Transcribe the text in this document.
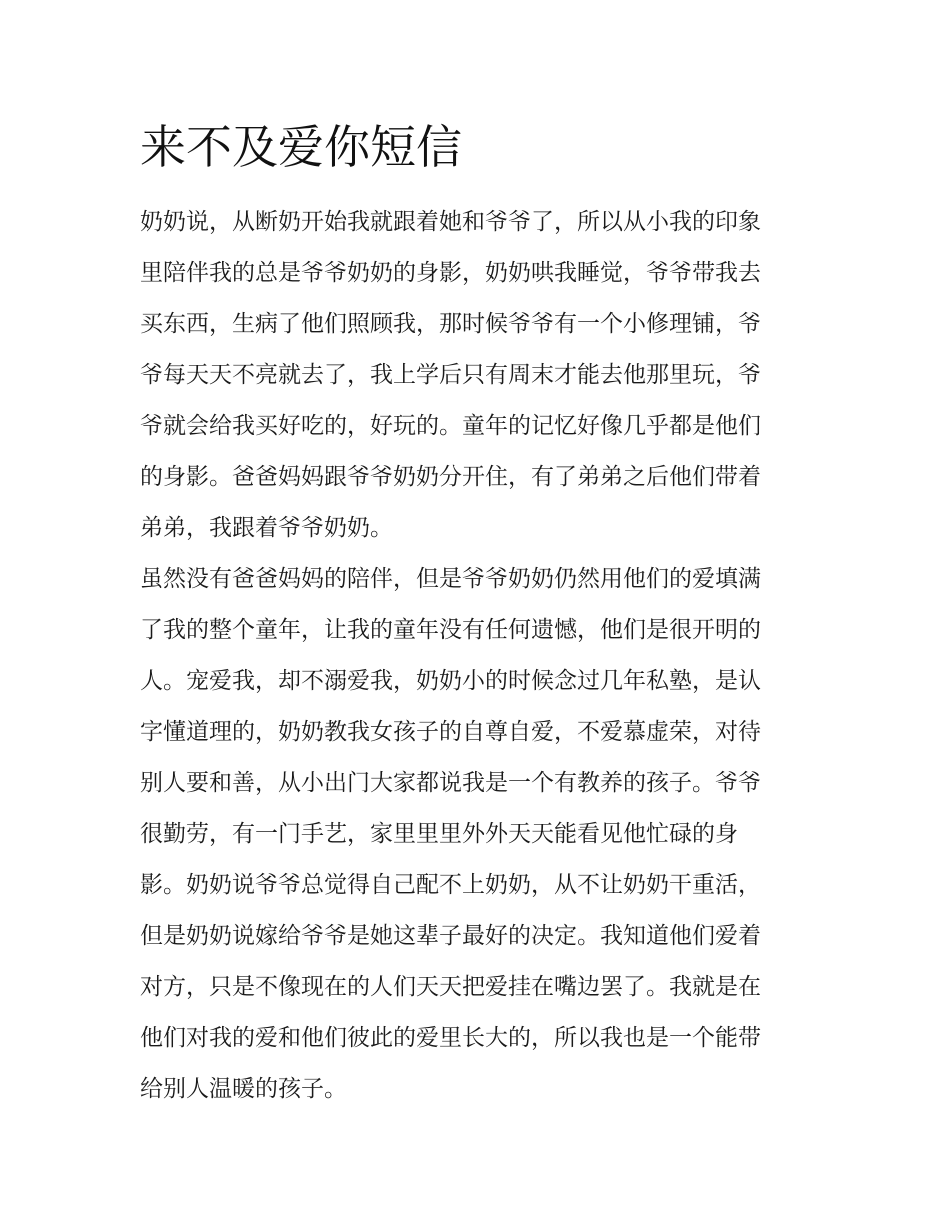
来不及爱你短信

奶奶说，从断奶开始我就跟着她和爷爷了，所以从小我的印象
里陪伴我的总是爷爷奶奶的身影，奶奶哄我睡觉，爷爷带我去
买东西，生病了他们照顾我，那时候爷爷有一个小修理铺，爷
爷每天天不亮就去了，我上学后只有周末才能去他那里玩，爷
爷就会给我买好吃的，好玩的。童年的记忆好像几乎都是他们
的身影。爸爸妈妈跟爷爷奶奶分开住，有了弟弟之后他们带着
弟弟，我跟着爷爷奶奶。

虽然没有爸爸妈妈的陪伴，但是爷爷奶奶仍然用他们的爱填满
了我的整个童年，让我的童年没有任何遗憾，他们是很开明的
人。宠爱我，却不溺爱我，奶奶小的时候念过几年私塾，是认
字懂道理的，奶奶教我女孩子的自尊自爱，不爱慕虚荣，对待
别人要和善，从小出门大家都说我是一个有教养的孩子。爷爷
很勤劳，有一门手艺，家里里里外外天天能看见他忙碌的身
影。奶奶说爷爷总觉得自己配不上奶奶，从不让奶奶干重活，
但是奶奶说嫁给爷爷是她这辈子最好的决定。我知道他们爱着
对方，只是不像现在的人们天天把爱挂在嘴边罢了。我就是在
他们对我的爱和他们彼此的爱里长大的，所以我也是一个能带
给别人温暖的孩子。
